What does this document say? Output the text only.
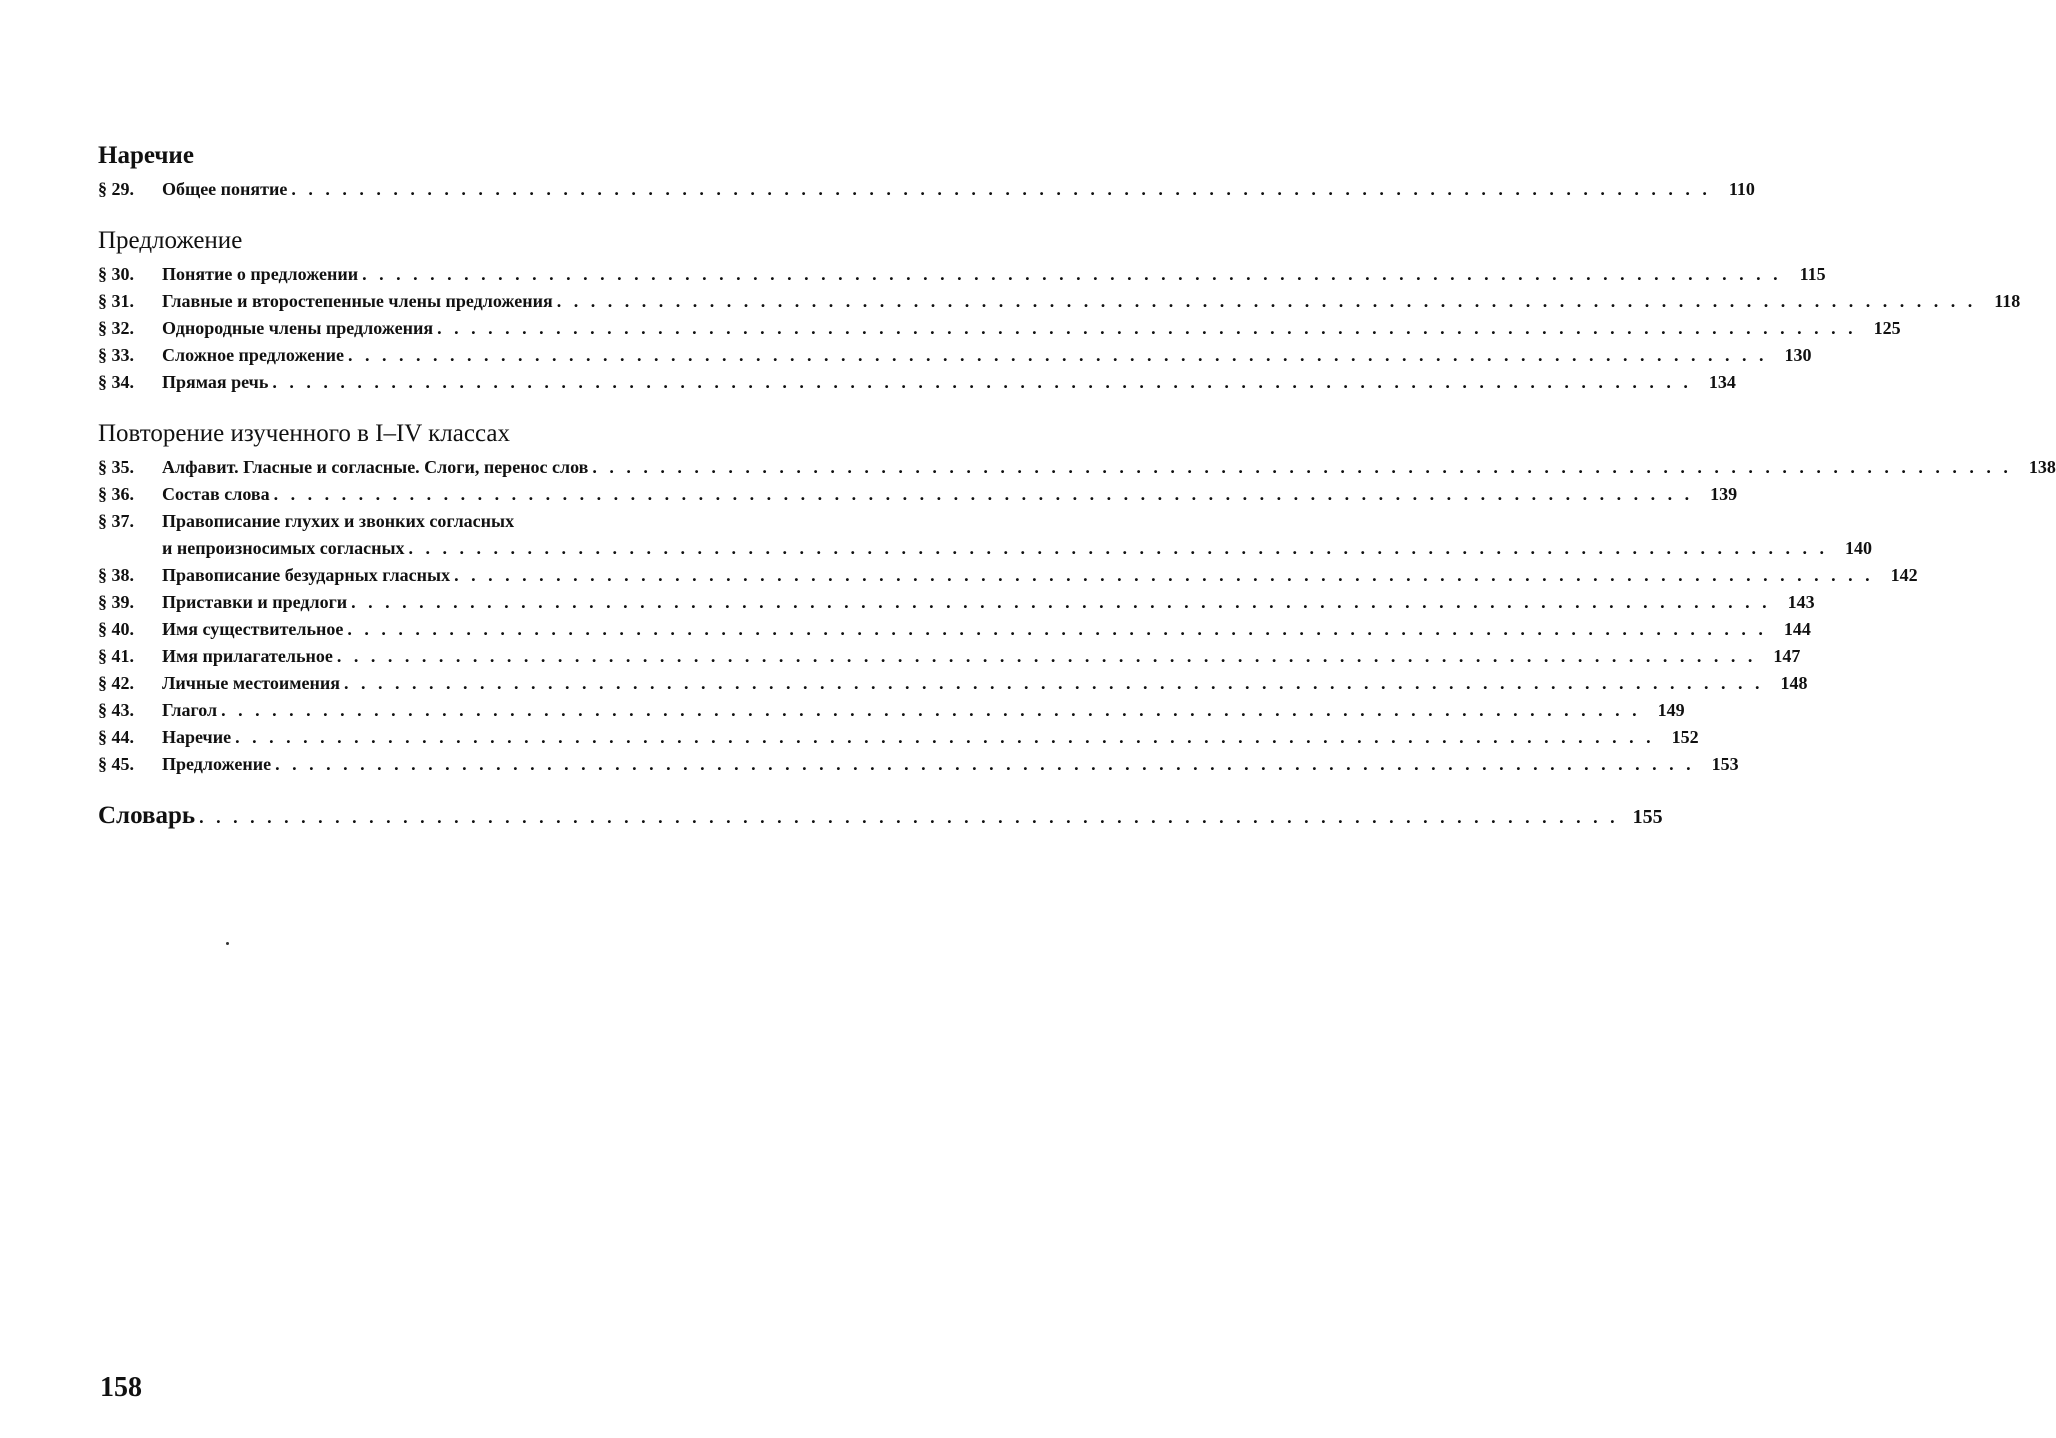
Наречие
§ 29.	Общее понятие . . .	110
Предложение
§ 30.	Понятие о предложении . . .	115
§ 31.	Главные и второстепенные члены предложения . . .	118
§ 32.	Однородные члены предложения . . .	125
§ 33.	Сложное предложение . . .	130
§ 34.	Прямая речь . . .	134
Повторение изученного в I–IV классах
§ 35.	Алфавит. Гласные и согласные. Слоги, перенос слов . . .	138
§ 36.	Состав слова . . .	139
§ 37.	Правописание глухих и звонких согласных
и непроизносимых согласных . . .	140
§ 38.	Правописание безударных гласных . . .	142
§ 39.	Приставки и предлоги . . .	143
§ 40.	Имя существительное . . .	144
§ 41.	Имя прилагательное . . .	147
§ 42.	Личные местоимения . . .	148
§ 43.	Глагол . . .	149
§ 44.	Наречие . . .	152
§ 45.	Предложение . . .	153
Словарь . . .	155
158
